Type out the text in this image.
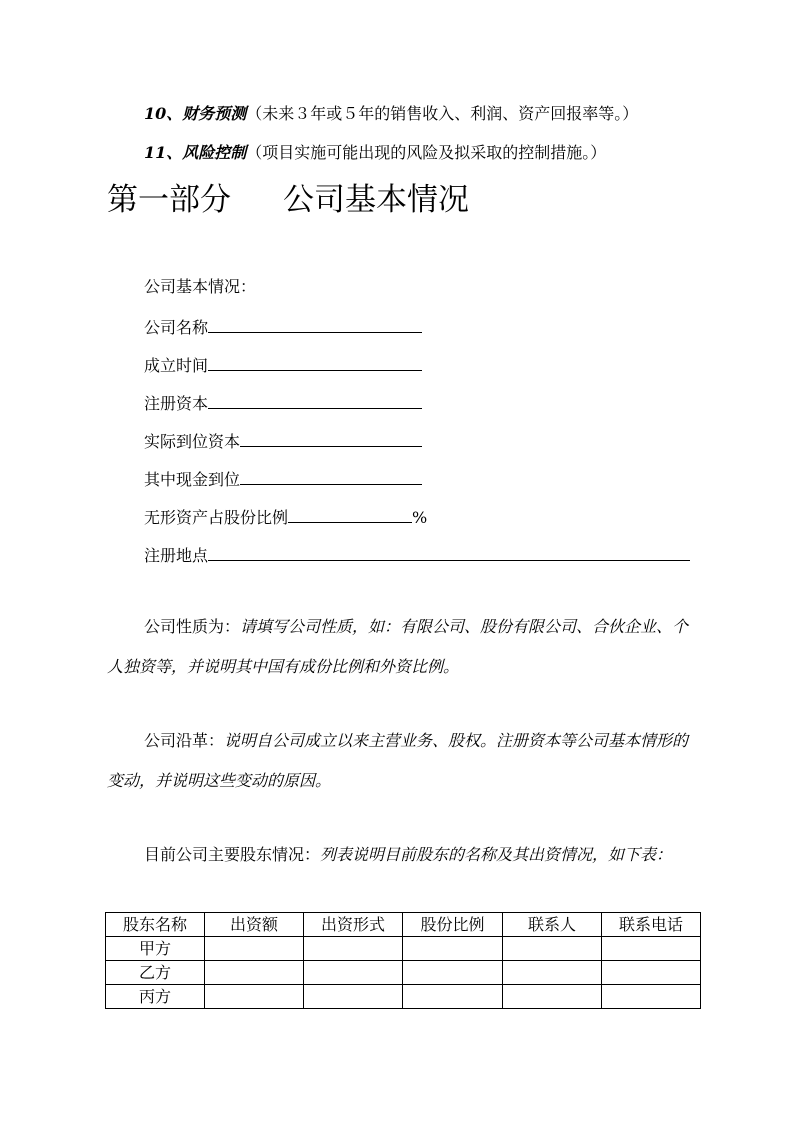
10、财务预测（未来３年或５年的销售收入、利润、资产回报率等。）
11、风险控制（项目实施可能出现的风险及拟采取的控制措施。）
第一部分 公司基本情况
公司基本情况：
公司名称
成立时间
注册资本
实际到位资本
其中现金到位
无形资产占股份比例	%
注册地点
公司性质为：请填写公司性质，如：有限公司、股份有限公司、合伙企业、个人独资等，并说明其中国有成份比例和外资比例。
公司沿革：说明自公司成立以来主营业务、股权。注册资本等公司基本情形的变动，并说明这些变动的原因。
目前公司主要股东情况：列表说明目前股东的名称及其出资情况，如下表：
股东名称	出资额	出资形式	股份比例	联系人	联系电话
甲方					
乙方					
丙方					
